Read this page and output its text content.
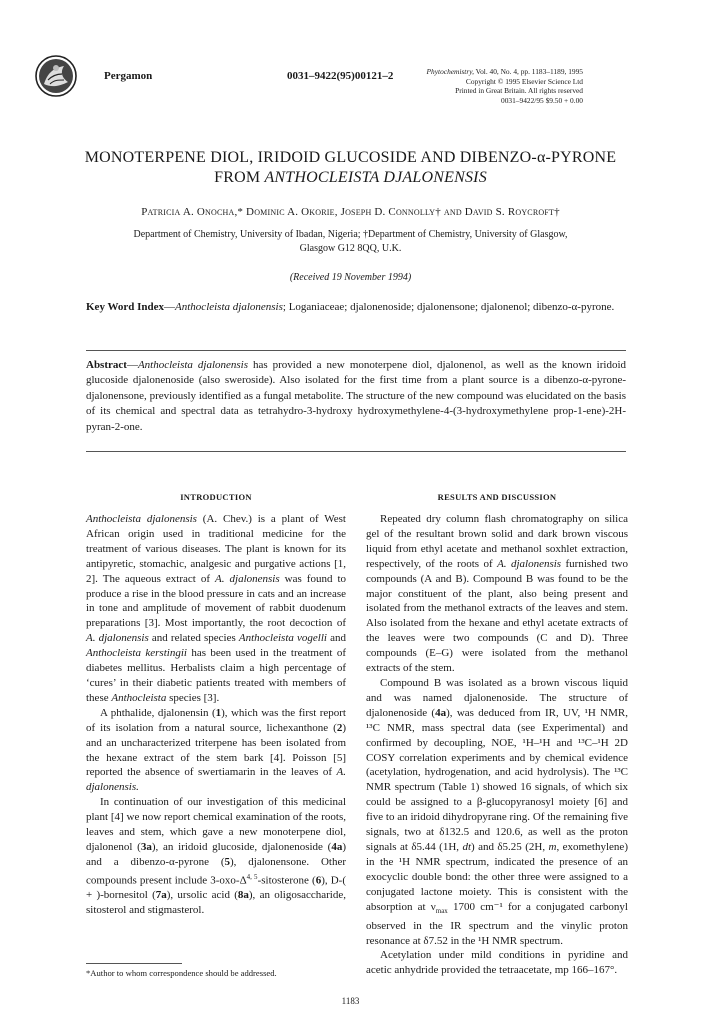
Pergamon	0031–9422(95)00121–2	Phytochemistry, Vol. 40, No. 4, pp. 1183–1189, 1995
Copyright © 1995 Elsevier Science Ltd
Printed in Great Britain. All rights reserved
0031–9422/95 $9.50 + 0.00
MONOTERPENE DIOL, IRIDOID GLUCOSIDE AND DIBENZO-α-PYRONE
FROM ANTHOCLEISTA DJALONENSIS
Patricia A. Onocha,* Dominic A. Okorie, Joseph D. Connolly† and David S. Roycroft†
Department of Chemistry, University of Ibadan, Nigeria; †Department of Chemistry, University of Glasgow,
Glasgow G12 8QQ, U.K.
(Received 19 November 1994)
Key Word Index—Anthocleista djalonensis; Loganiaceae; djalonenoside; djalonensone; djalonenol; dibenzo-α-pyrone.
Abstract—Anthocleista djalonensis has provided a new monoterpene diol, djalonenol, as well as the known iridoid glucoside djalonenoside (also sweroside). Also isolated for the first time from a plant source is a dibenzo-α-pyrone-djalonensone, previously identified as a fungal metabolite. The structure of the new compound was elucidated on the basis of its chemical and spectral data as tetrahydro-3-hydroxy hydroxymethylene-4-(3-hydroxymethylene prop-1-ene)-2H-pyran-2-one.
INTRODUCTION	RESULTS AND DISCUSSION

Anthocleista djalonensis (A. Chev.) is a plant of West African origin used in traditional medicine for the treatment of various diseases. The plant is known for its antipyretic, stomachic, analgesic and purgative actions [1, 2]. The aqueous extract of A. djalonensis was found to produce a rise in the blood pressure in cats and an increase in tone and amplitude of movement of rabbit duodenum preparations [3]. Most importantly, the root decoction of A. djalonensis and related species Anthocleista vogelli and Anthocleista kerstingii has been used in the treatment of diabetes mellitus. Herbalists claim a high percentage of ‘cures’ in their diabetic patients treated with members of these Anthocleista species [3].

A phthalide, djalonensin (1), which was the first report of its isolation from a natural source, lichexanthone (2) and an uncharacterized triterpene has been isolated from the hexane extract of the stem bark [4]. Poisson [5] reported the absence of swertiamarin in the leaves of A. djalonensis.

In continuation of our investigation of this medicinal plant [4] we now report chemical examination of the roots, leaves and stem, which gave a new monoterpene diol, djalonenol (3a), an iridoid glucoside, djalonenoside (4a) and a dibenzo-α-pyrone (5), djalonensone. Other compounds present include $3-oxo-\Delta^{4, 5}$-sitosterone (6), D-( + )-bornesitol (7a), ursolic acid (8a), an oligosaccharide, sitosterol and stigmasterol.

Repeated dry column flash chromatography on silica gel of the resultant brown solid and dark brown viscous liquid from ethyl acetate and methanol soxhlet extraction, respectively, of the roots of A. djalonensis furnished two compounds (A and B). Compound B was found to be the major constituent of the plant, also being present and isolated from the methanol extracts of the leaves and stem. Also isolated from the hexane and ethyl acetate extracts of the leaves were two compounds (C and D). Three compounds (E–G) were isolated from the methanol extracts of the stem.

Compound B was isolated as a brown viscous liquid and was named djalonenoside. The structure of djalonenoside (4a), was deduced from IR, UV, ¹H NMR, ¹³C NMR, mass spectral data (see Experimental) and confirmed by decoupling, NOE, ¹H–¹H and ¹³C–¹H 2D COSY correlation experiments and by chemical evidence (acetylation, hydrogenation, and acid hydrolysis). The ¹³C NMR spectrum (Table 1) showed 16 signals, of which six could be assigned to a β-glucopyranosyl moiety [6] and five to an iridoid dihydropyrane ring. Of the remaining five signals, two at δ132.5 and 120.6, as well as the proton signals at δ5.44 (1H, dt) and δ5.25 (2H, m, exomethylene) in the ¹H NMR spectrum, indicated the presence of an exocyclic double bond: the other three were assigned to a conjugated lactone moiety. This is consistent with the absorption at $\nu_{max}$ 1700 cm⁻¹ for a conjugated carbonyl observed in the IR spectrum and the vinylic proton resonance at δ7.52 in the ¹H NMR spectrum.

Acetylation under mild conditions in pyridine and acetic anhydride provided the tetraacetate, mp 166–167°.

*Author to whom correspondence should be addressed.
1183
